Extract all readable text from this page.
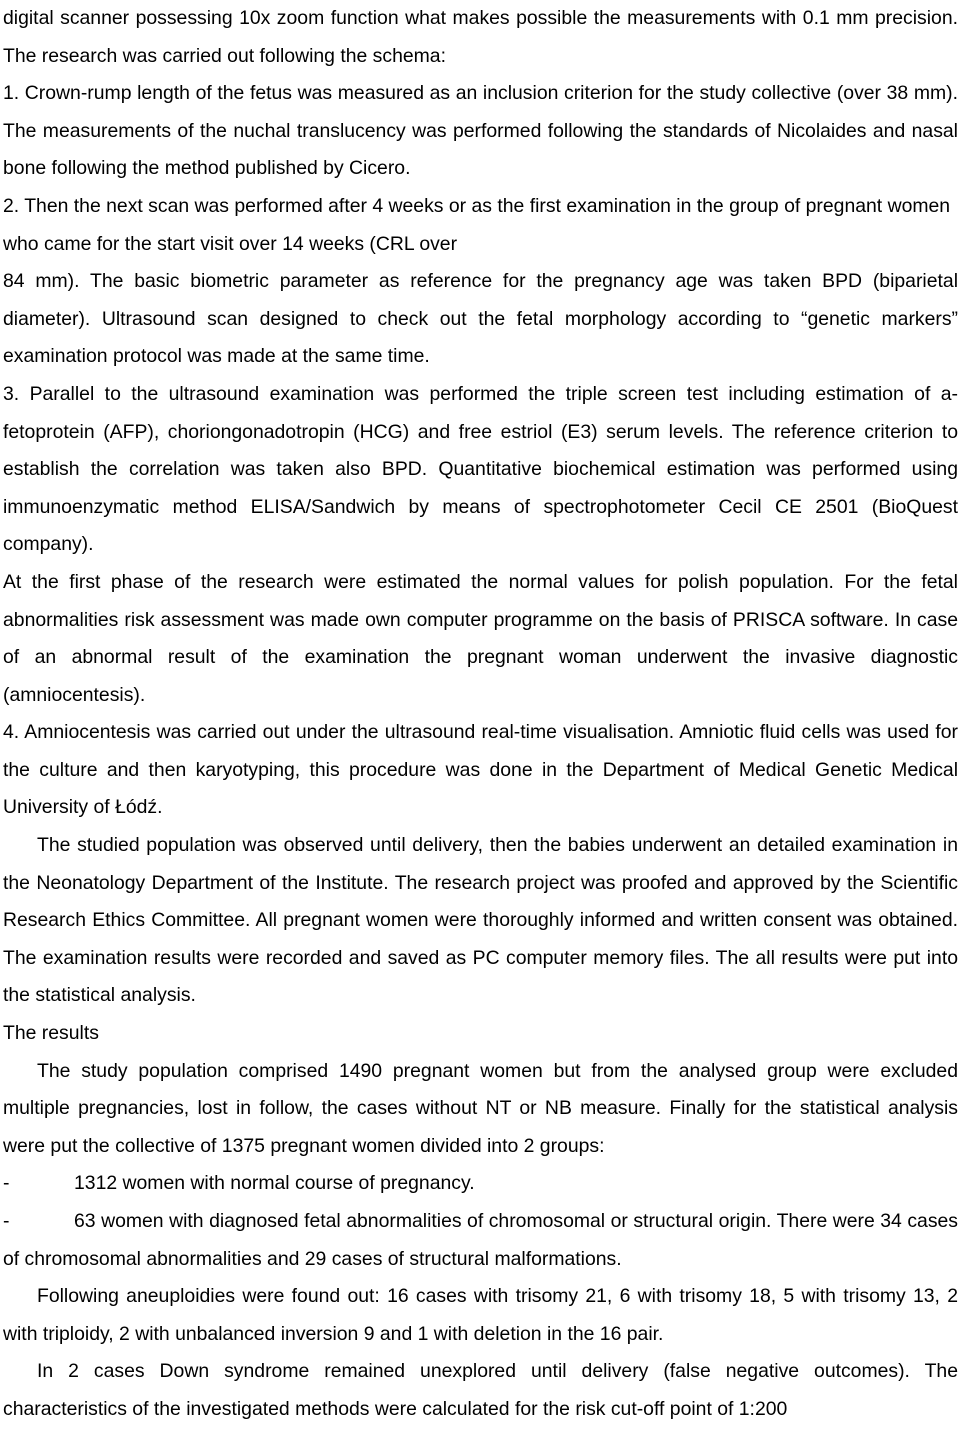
digital scanner possessing 10x zoom function what makes possible the measurements with 0.1 mm precision. The research was carried out following the schema:

1. Crown-rump length of the fetus was measured as an inclusion criterion for the study collective (over 38 mm). The measurements of the nuchal translucency was performed following the standards of Nicolaides and nasal bone following the method published by Cicero.

2. Then the next scan was performed after 4 weeks or as the first examination in the group of pregnant women who came for the start visit over 14 weeks (CRL over

84 mm). The basic biometric parameter as reference for the pregnancy age was taken BPD (biparietal diameter). Ultrasound scan designed to check out the fetal morphology according to “genetic markers” examination protocol was made at the same time.

3. Parallel to the ultrasound examination was performed the triple screen test including estimation of a-fetoprotein (AFP), choriongonadotropin (HCG) and free estriol (E3) serum levels. The reference criterion to establish the correlation was taken also BPD. Quantitative biochemical estimation was performed using immunoenzymatic method ELISA/Sandwich by means of spectrophotometer Cecil CE 2501 (BioQuest company).

At the first phase of the research were estimated the normal values for polish population. For the fetal abnormalities risk assessment was made own computer programme on the basis of PRISCA software. In case of an abnormal result of the examination the pregnant woman underwent the invasive diagnostic (amniocentesis).

4. Amniocentesis was carried out under the ultrasound real-time visualisation. Amniotic fluid cells was used for the culture and then karyotyping, this procedure was done in the Department of Medical Genetic Medical University of Łódź.

The studied population was observed until delivery, then the babies underwent an detailed examination in the Neonatology Department of the Institute. The research project was proofed and approved by the Scientific Research Ethics Committee. All pregnant women were thoroughly informed and written consent was obtained. The examination results were recorded and saved as PC computer memory files. The all results were put into the statistical analysis.

The results

The study population comprised 1490 pregnant women but from the analysed group were excluded multiple pregnancies, lost in follow, the cases without NT or NB measure. Finally for the statistical analysis were put the collective of 1375 pregnant women divided into 2 groups:

-	1312 women with normal course of pregnancy.
-	63 women with diagnosed fetal abnormalities of chromosomal or structural origin. There were 34 cases of chromosomal abnormalities and 29 cases of structural malformations.

Following aneuploidies were found out: 16 cases with trisomy 21, 6 with trisomy 18, 5 with trisomy 13, 2 with triploidy, 2 with unbalanced inversion 9 and 1 with deletion in the 16 pair.

In 2 cases Down syndrome remained unexplored until delivery (false negative outcomes). The characteristics of the investigated methods were calculated for the risk cut-off point of 1:200
